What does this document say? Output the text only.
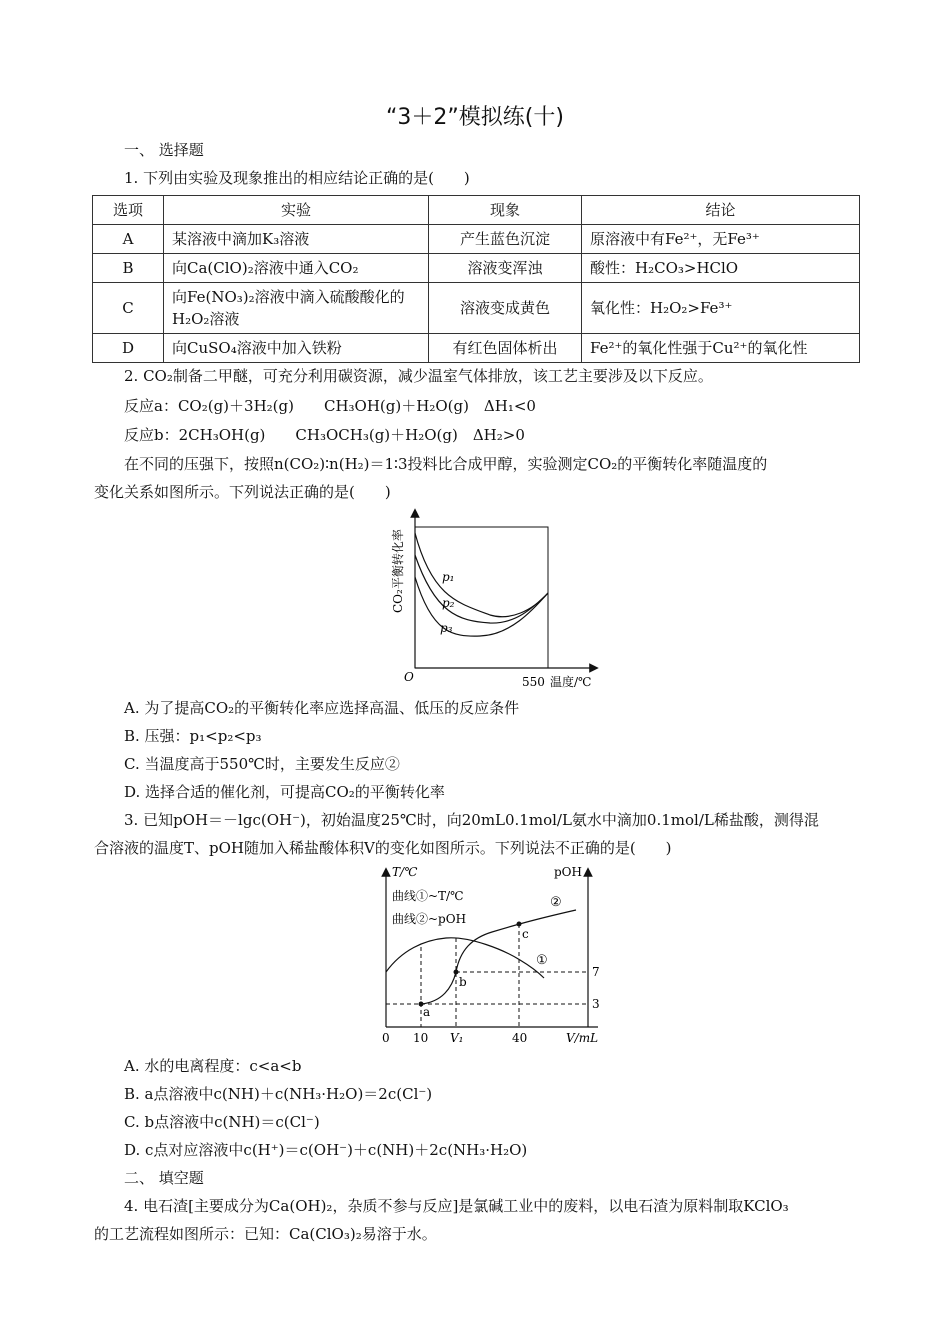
“3＋2”模拟练(十)
一、 选择题
1. 下列由实验及现象推出的相应结论正确的是(　　)
选项	实验	现象	结论
A	某溶液中滴加K₃溶液	产生蓝色沉淀	原溶液中有Fe²⁺，无Fe³⁺
B	向Ca(ClO)₂溶液中通入CO₂	溶液变浑浊	酸性：H₂CO₃>HClO
C	向Fe(NO₃)₂溶液中滴入硫酸酸化的H₂O₂溶液	溶液变成黄色	氧化性：H₂O₂>Fe³⁺
D	向CuSO₄溶液中加入铁粉	有红色固体析出	Fe²⁺的氧化性强于Cu²⁺的氧化性
2. CO₂制备二甲醚，可充分利用碳资源，减少温室气体排放，该工艺主要涉及以下反应。
反应a：CO₂(g)＋3H₂(g)　　CH₃OH(g)＋H₂O(g)　ΔH₁<0
反应b：2CH₃OH(g)　　CH₃OCH₃(g)＋H₂O(g)　ΔH₂>0
在不同的压强下，按照n(CO₂)∶n(H₂)＝1∶3投料比合成甲醇，实验测定CO₂的平衡转化率随温度的
变化关系如图所示。下列说法正确的是(　　)
p₁
p₂
p₃
CO₂平衡转化率
O	550 温度/℃
A. 为了提高CO₂的平衡转化率应选择高温、低压的反应条件
B. 压强：p₁<p₂<p₃
C. 当温度高于550℃时，主要发生反应②
D. 选择合适的催化剂，可提高CO₂的平衡转化率
3. 已知pOH＝－lgc(OH⁻)，初始温度25℃时，向20mL0.1mol/L氨水中滴加0.1mol/L稀盐酸，测得混
合溶液的温度T、pOH随加入稀盐酸体积V的变化如图所示。下列说法不正确的是(　　)
T/℃	pOH
曲线①~T/℃
曲线②~pOH
a
b
c
①
②
7
3
0 10 V₁	40	V/mL
A. 水的电离程度：c<a<b
B. a点溶液中c(NH)＋c(NH₃·H₂O)＝2c(Cl⁻)
C. b点溶液中c(NH)＝c(Cl⁻)
D. c点对应溶液中c(H⁺)＝c(OH⁻)＋c(NH)＋2c(NH₃·H₂O)
二、 填空题
4. 电石渣[主要成分为Ca(OH)₂，杂质不参与反应]是氯碱工业中的废料，以电石渣为原料制取KClO₃
的工艺流程如图所示：已知：Ca(ClO₃)₂易溶于水。
